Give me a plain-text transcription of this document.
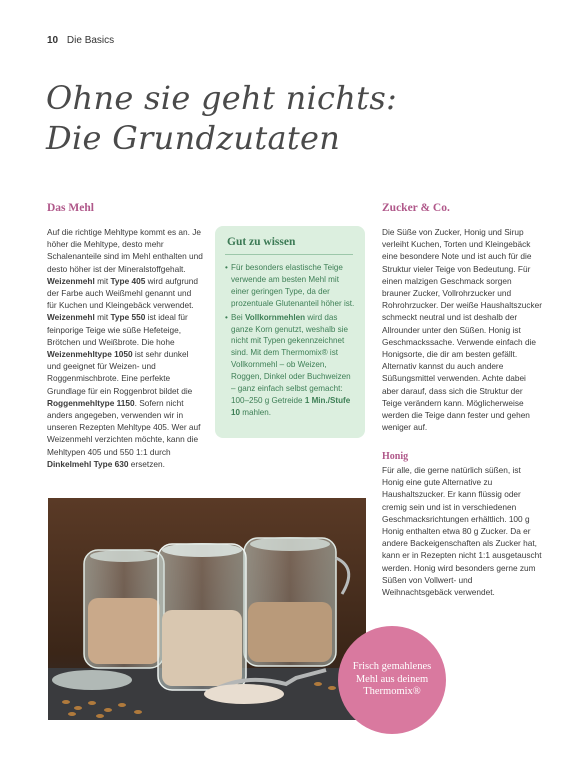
10 Die Basics
Ohne sie geht nichts:
Die Grundzutaten
Das Mehl
Auf die richtige Mehltype kommt es an. Je höher die Mehltype, desto mehr Schalenanteile sind im Mehl enthalten und desto höher ist der Mineralstoffgehalt. Weizenmehl mit Type 405 wird aufgrund der Farbe auch Weißmehl genannt und für Kuchen und Kleingebäck verwendet. Weizenmehl mit Type 550 ist ideal für feinporige Teige wie süße Hefeteige, Brötchen und Weißbrote. Die hohe Weizenmehltype 1050 ist sehr dunkel und geeignet für Weizen- und Roggenmischbrote. Eine perfekte Grundlage für ein Roggenbrot bildet die Roggenmehltype 1150. Sofern nicht anders angegeben, verwenden wir in unseren Rezepten Mehltype 405. Wer auf Weizenmehl verzichten möchte, kann die Mehltypen 405 und 550 1:1 durch Dinkelmehl Type 630 ersetzen.
Gut zu wissen
• Für besonders elastische Teige verwende am besten Mehl mit einer geringen Type, da der prozentuale Glutenanteil höher ist.
• Bei Vollkornmehlen wird das ganze Korn genutzt, weshalb sie nicht mit Typen gekennzeichnet sind. Mit dem Thermomix® ist Vollkornmehl – ob Weizen, Roggen, Dinkel oder Buchweizen – ganz einfach selbst gemacht: 100–250 g Getreide 1 Min./Stufe 10 mahlen.
Zucker & Co.
Die Süße von Zucker, Honig und Sirup verleiht Kuchen, Torten und Kleingebäck eine besondere Note und ist auch für die Struktur vieler Teige von Bedeutung. Für einen malzigen Geschmack sorgen brauner Zucker, Vollrohrzucker und Rohrohrzucker. Der weiße Haushaltszucker schmeckt neutral und ist deshalb der Allrounder unter den Süßen. Honig ist Geschmackssache. Verwende einfach die Honigsorte, die dir am besten gefällt. Alternativ kannst du auch andere Süßungsmittel verwenden. Achte dabei aber darauf, dass sich die Struktur der Teige verändern kann. Möglicherweise werden die Teige dann fester und gehen weniger auf.
Honig
Für alle, die gerne natürlich süßen, ist Honig eine gute Alternative zu Haushaltszucker. Er kann flüssig oder cremig sein und ist in verschiedenen Geschmacksrichtungen erhältlich. 100 g Honig enthalten etwa 80 g Zucker. Da er andere Backeigenschaften als Zucker hat, kann er in Rezepten nicht 1:1 ausgetauscht werden. Honig wird besonders gerne zum Süßen von Vollwert- und Weihnachtsgebäck verwendet.
Frisch gemahlenes Mehl aus deinem Thermomix®
